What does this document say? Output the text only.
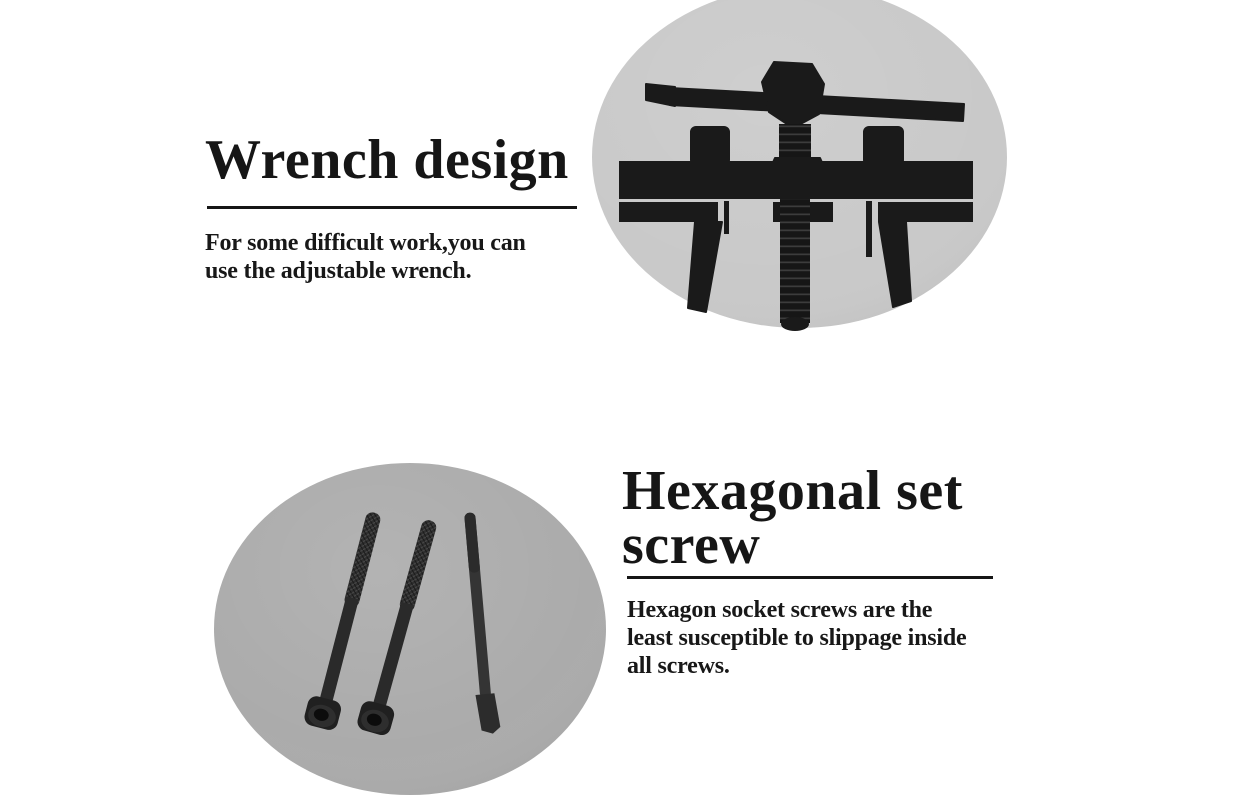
Wrench design
For some difficult work,you can
use the adjustable wrench.
Hexagonal set
screw
Hexagon socket screws are the
least susceptible to slippage inside
all screws.
